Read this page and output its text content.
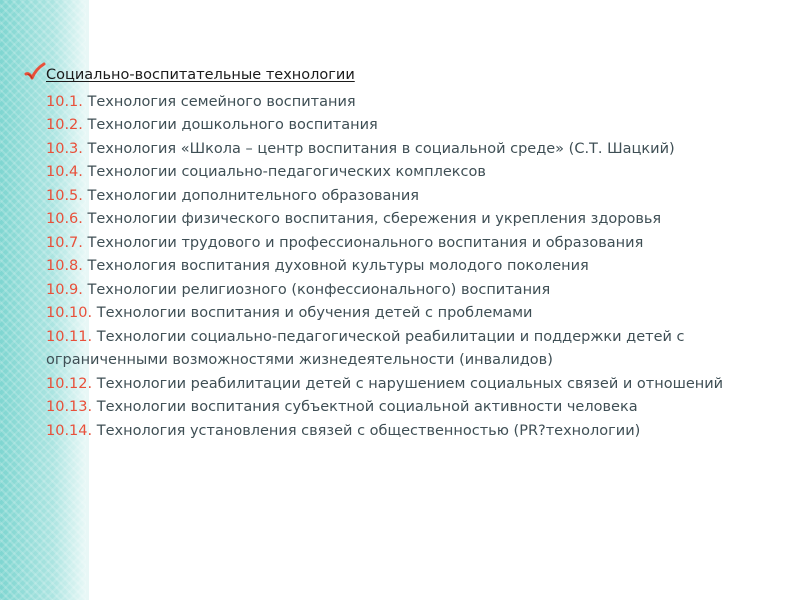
Социально-воспитательные технологии
10.1. Технология семейного воспитания
10.2. Технологии дошкольного воспитания
10.3. Технология «Школа – центр воспитания в социальной среде» (С.Т. Шацкий)
10.4. Технологии социально-педагогических комплексов
10.5. Технологии дополнительного образования
10.6. Технологии физического воспитания, сбережения и укрепления здоровья
10.7. Технологии трудового и профессионального воспитания и образования
10.8. Технология воспитания духовной культуры молодого поколения
10.9. Технологии религиозного (конфессионального) воспитания
10.10. Технологии воспитания и обучения детей с проблемами
10.11. Технологии социально-педагогической реабилитации и поддержки детей с ограниченными возможностями жизнедеятельности (инвалидов)
10.12. Технологии реабилитации детей с нарушением социальных связей и отношений
10.13. Технологии воспитания субъектной социальной активности человека
10.14. Технология установления связей с общественностью (PR?технологии)
